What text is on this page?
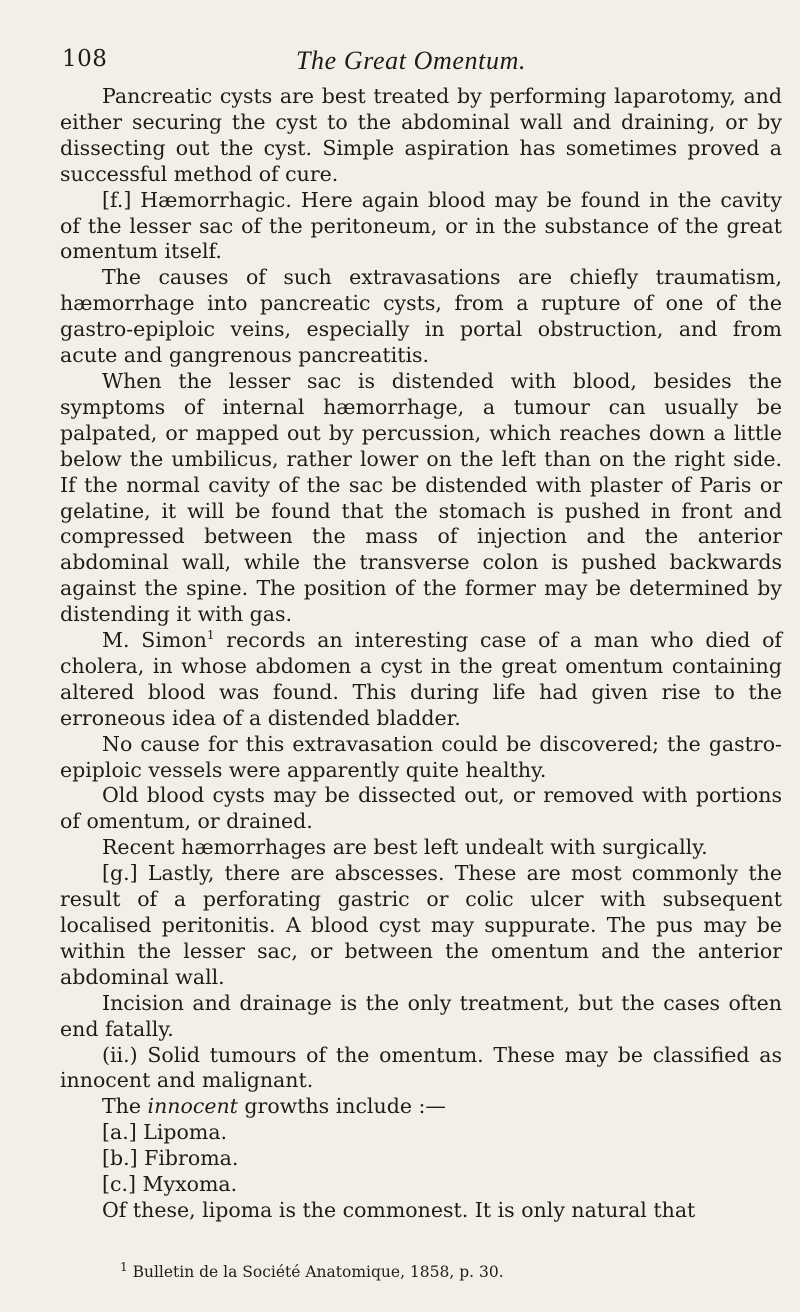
108	The Great Omentum.

Pancreatic cysts are best treated by performing laparotomy, and either securing the cyst to the abdominal wall and draining, or by dissecting out the cyst. Simple aspiration has sometimes proved a successful method of cure.

[f.] Hæmorrhagic. Here again blood may be found in the cavity of the lesser sac of the peritoneum, or in the substance of the great omentum itself.

The causes of such extravasations are chiefly traumatism, hæmorrhage into pancreatic cysts, from a rupture of one of the gastro-epiploic veins, especially in portal obstruction, and from acute and gangrenous pancreatitis.

When the lesser sac is distended with blood, besides the symptoms of internal hæmorrhage, a tumour can usually be palpated, or mapped out by percussion, which reaches down a little below the umbilicus, rather lower on the left than on the right side. If the normal cavity of the sac be distended with plaster of Paris or gelatine, it will be found that the stomach is pushed in front and compressed between the mass of injection and the anterior abdominal wall, while the transverse colon is pushed backwards against the spine. The position of the former may be determined by distending it with gas.

M. Simon$^1$ records an interesting case of a man who died of cholera, in whose abdomen a cyst in the great omentum containing altered blood was found. This during life had given rise to the erroneous idea of a distended bladder.

No cause for this extravasation could be discovered; the gastro-epiploic vessels were apparently quite healthy.

Old blood cysts may be dissected out, or removed with portions of omentum, or drained.

Recent hæmorrhages are best left undealt with surgically.

[g.] Lastly, there are abscesses. These are most commonly the result of a perforating gastric or colic ulcer with subsequent localised peritonitis. A blood cyst may suppurate. The pus may be within the lesser sac, or between the omentum and the anterior abdominal wall.

Incision and drainage is the only treatment, but the cases often end fatally.

(ii.) Solid tumours of the omentum. These may be classified as innocent and malignant.

The innocent growths include :—

[a.] Lipoma.

[b.] Fibroma.

[c.] Myxoma.

Of these, lipoma is the commonest. It is only natural that

$^1$ Bulletin de la Société Anatomique, 1858, p. 30.
